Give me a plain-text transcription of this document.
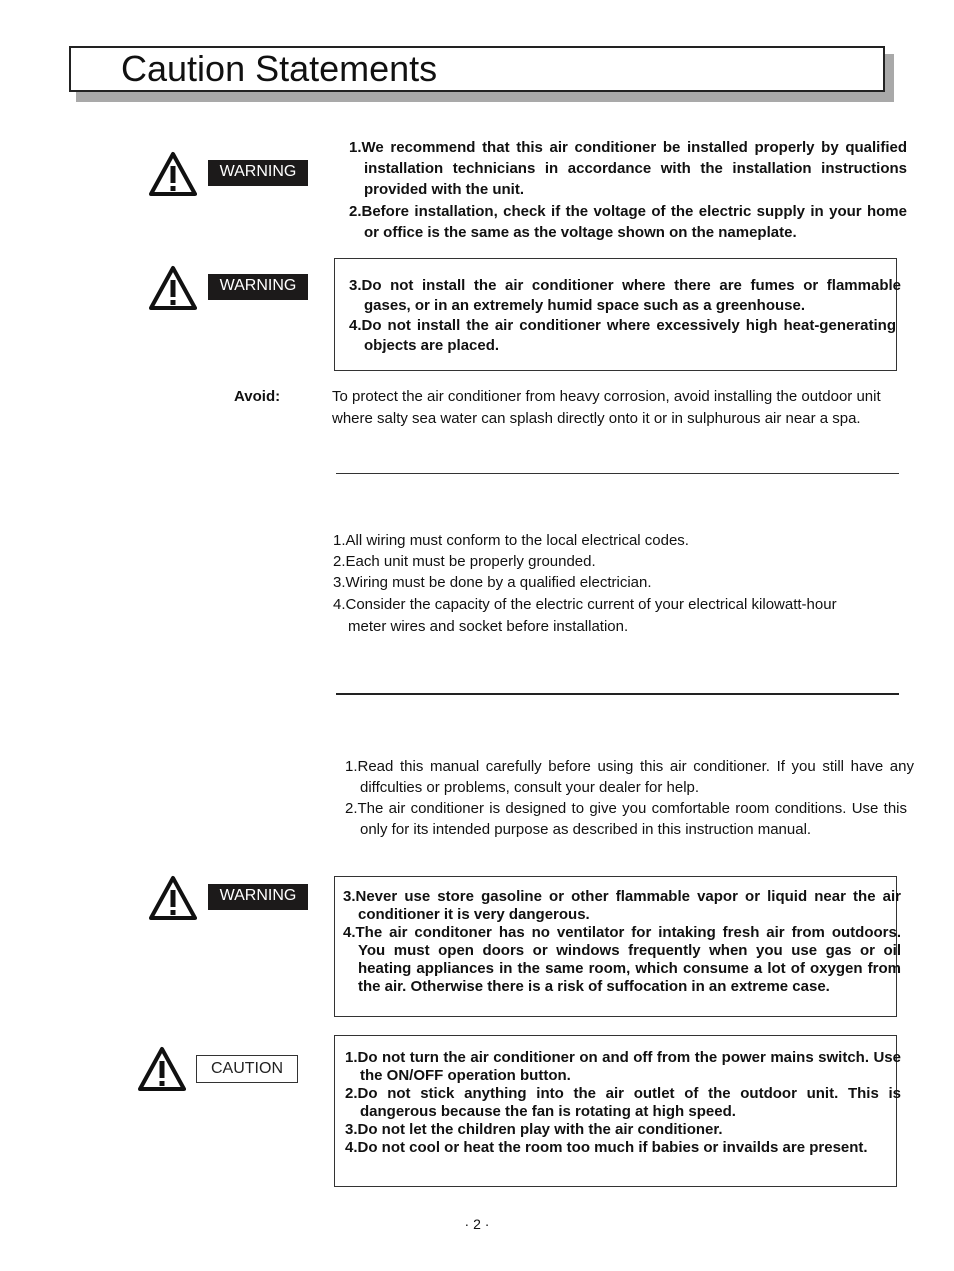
Caution Statements
WARNING
1.We recommend that this air conditioner be installed properly by qualified installation technicians in accordance with the installation instructions provided with the unit.
2.Before installation, check if the voltage of the electric supply in your home or office is the same as the voltage shown on the nameplate.
WARNING	3.Do not install the air conditioner where there are fumes or flammable gases, or in an extremely humid space such as a greenhouse.
4.Do not install the air conditioner where excessively high heat-generating objects are placed.
Avoid:	To protect the air conditioner from heavy corrosion, avoid installing the outdoor unit where salty sea water can splash directly onto it or in sulphurous air near a spa.
1.All wiring must conform to the local electrical codes.
2.Each unit must be properly grounded.
3.Wiring must be done by a qualified electrician.
4.Consider the capacity of the electric current of your electrical kilowatt-hour meter wires and socket before installation.
1.Read this manual carefully before using this air conditioner. If you still have any diffculties or problems, consult your dealer for help.
2.The air conditioner is designed to give you comfortable room conditions. Use this only for its intended purpose as described in this instruction manual.
WARNING	3.Never use store gasoline or other flammable vapor or liquid near the air conditioner it is very dangerous.
4.The air conditoner has no ventilator for intaking fresh air from outdoors. You must open doors or windows frequently when you use gas or oil heating appliances in the same room, which consume a lot of oxygen from the air. Otherwise there is a risk of suffocation in an extreme case.
CAUTION
1.Do not turn the air conditioner on and off from the power mains switch. Use the ON/OFF operation button.
2.Do not stick anything into the air outlet of the outdoor unit. This is dangerous because the fan is rotating at high speed.
3.Do not let the children play with the air conditioner.
4.Do not cool or heat the room too much if babies or invailds are present.
· 2 ·
